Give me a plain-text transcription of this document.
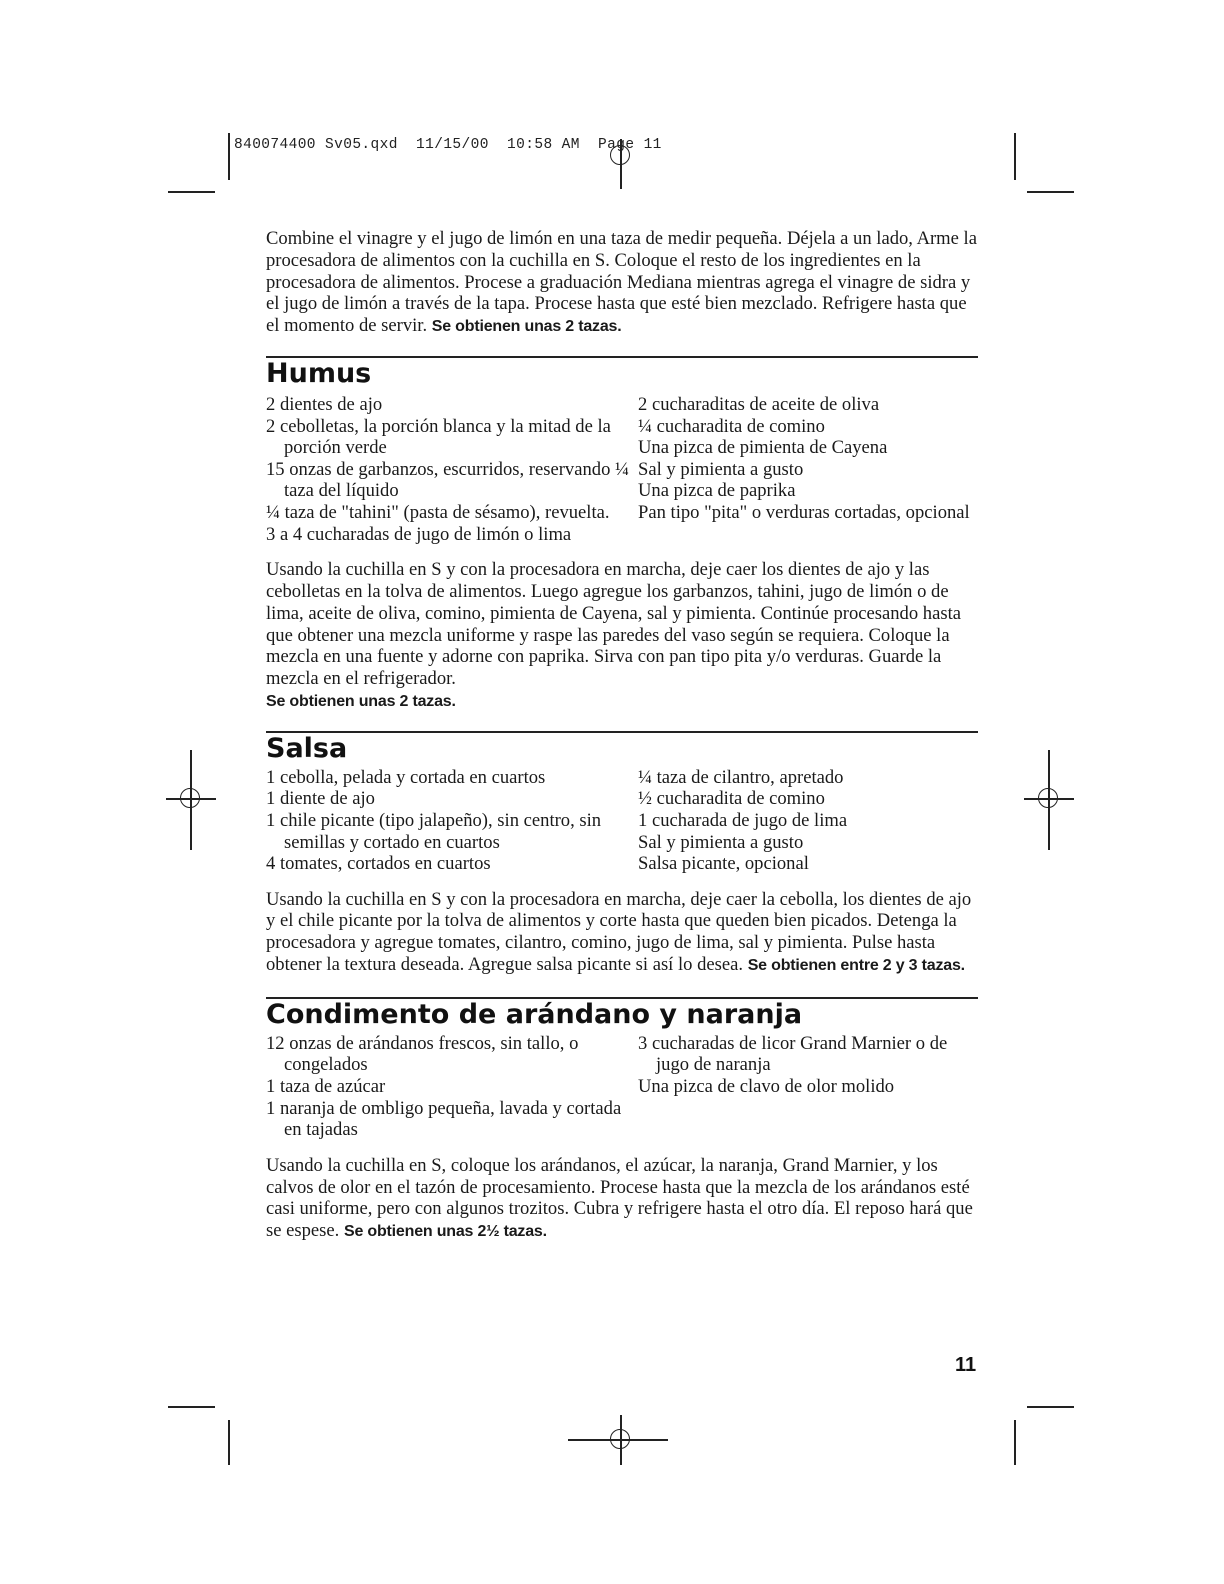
840074400 Sv05.qxd  11/15/00  10:58 AM  Page 11

Combine el vinagre y el jugo de limón en una taza de medir pequeña. Déjela a un lado, Arme la procesadora de alimentos con la cuchilla en S. Coloque el resto de los ingredientes en la procesadora de alimentos. Procese a graduación Mediana mientras agrega el vinagre de sidra y el jugo de limón a través de la tapa. Procese hasta que esté bien mezclado. Refrigere hasta que el momento de servir. Se obtienen unas 2 tazas.

Humus
2 dientes de ajo
2 cebolletas, la porción blanca y la mitad de la porción verde
15 onzas de garbanzos, escurridos, reservando ¼ taza del líquido
¼ taza de "tahini" (pasta de sésamo), revuelta.
3 a 4 cucharadas de jugo de limón o lima
2 cucharaditas de aceite de oliva
¼ cucharadita de comino
Una pizca de pimienta de Cayena
Sal y pimienta a gusto
Una pizca de paprika
Pan tipo "pita" o verduras cortadas, opcional

Usando la cuchilla en S y con la procesadora en marcha, deje caer los dientes de ajo y las cebolletas en la tolva de alimentos. Luego agregue los garbanzos, tahini, jugo de limón o de lima, aceite de oliva, comino, pimienta de Cayena, sal y pimienta. Continúe procesando hasta que obtener una mezcla uniforme y raspe las paredes del vaso según se requiera. Coloque la mezcla en una fuente y adorne con paprika. Sirva con pan tipo pita y/o verduras. Guarde la mezcla en el refrigerador.
Se obtienen unas 2 tazas.

Salsa
1 cebolla, pelada y cortada en cuartos
1 diente de ajo
1 chile picante (tipo jalapeño), sin centro, sin semillas y cortado en cuartos
4 tomates, cortados en cuartos
¼ taza de cilantro, apretado
½ cucharadita de comino
1 cucharada de jugo de lima
Sal y pimienta a gusto
Salsa picante, opcional

Usando la cuchilla en S y con la procesadora en marcha, deje caer la cebolla, los dientes de ajo y el chile picante por la tolva de alimentos y corte hasta que queden bien picados. Detenga la procesadora y agregue tomates, cilantro, comino, jugo de lima, sal y pimienta. Pulse hasta obtener la textura deseada. Agregue salsa picante si así lo desea. Se obtienen entre 2 y 3 tazas.

Condimento de arándano y naranja
12 onzas de arándanos frescos, sin tallo, o congelados
1 taza de azúcar
1 naranja de ombligo pequeña, lavada y cortada en tajadas
3 cucharadas de licor Grand Marnier o de jugo de naranja
Una pizca de clavo de olor molido

Usando la cuchilla en S, coloque los arándanos, el azúcar, la naranja, Grand Marnier, y los calvos de olor en el tazón de procesamiento. Procese hasta que la mezcla de los arándanos esté casi uniforme, pero con algunos trozitos. Cubra y refrigere hasta el otro día. El reposo hará que se espese. Se obtienen unas 2½ tazas.

11
